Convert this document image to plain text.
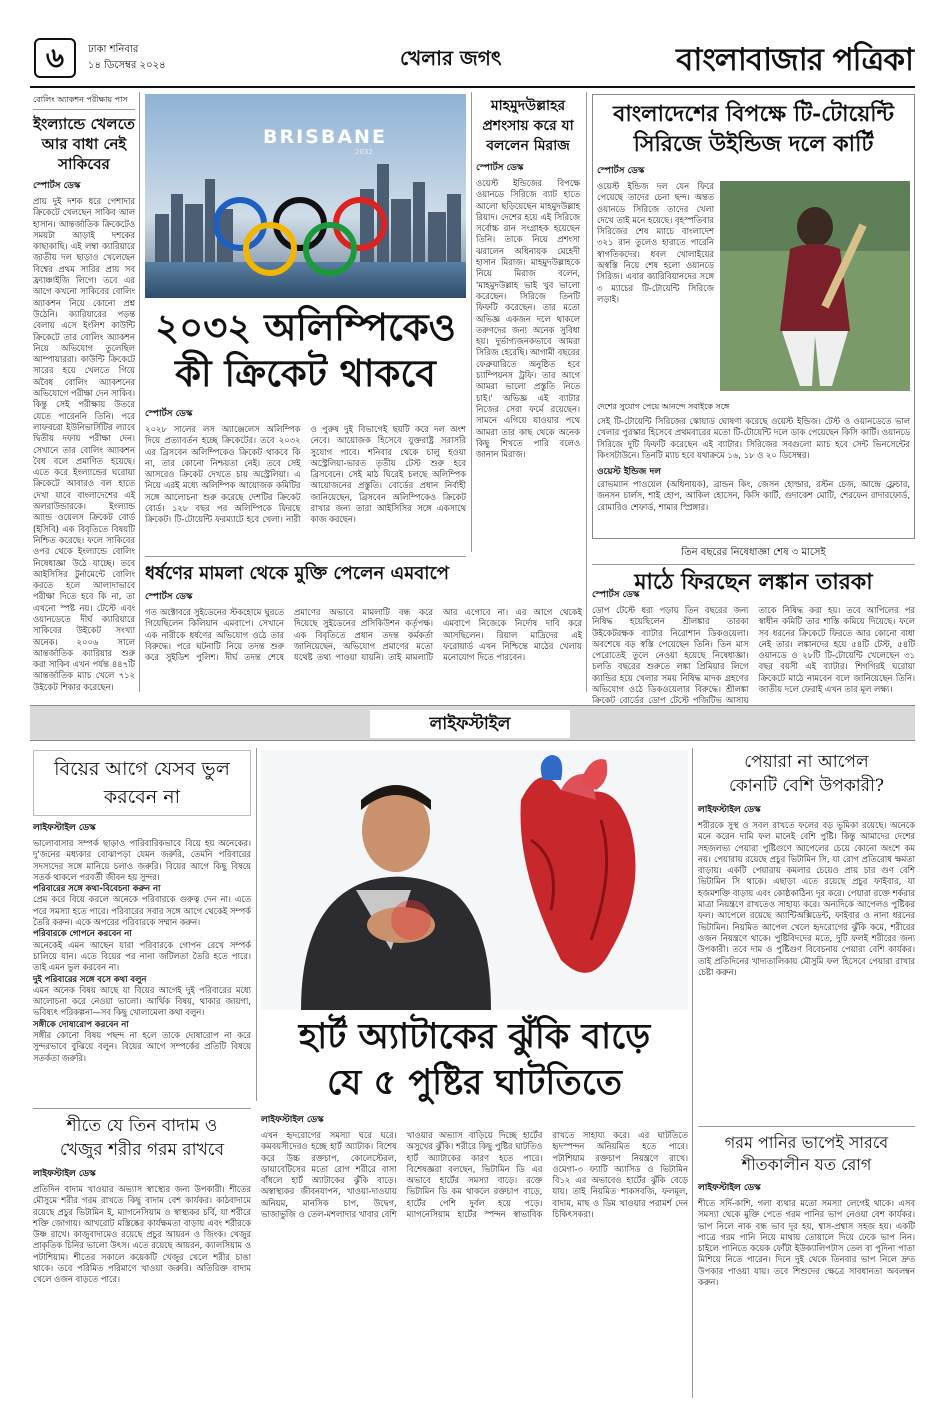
৬	ঢাকা শনিবার
১৪ ডিসেম্বর ২০২৪	খেলার জগৎ	বাংলাবাজার পত্রিকা
বোলিং অ্যাকশন পরীক্ষায় পাস
ইংল্যান্ডে খেলতে আর বাধা নেই সাকিবের
স্পোর্টস ডেস্ক
প্রায় দুই দশক ধরে পেশাদার ক্রিকেটে খেলছেন সাকিব আল হাসান। আন্তর্জাতিক ক্রিকেটেও সময়টা আড়াই দশকের কাছাকাছি। এই লম্বা ক্যারিয়ারে জাতীয় দল ছাড়াও খেলেছেন বিশ্বের প্রথম সারির প্রায় সব ফ্র্যাঞ্চাইজি লিগে। তবে এর আগে কখনো সাকিবের বোলিং অ্যাকশন নিয়ে কোনো প্রশ্ন উঠেনি। ক্যারিয়ারের পড়ন্ত বেলায় এসে ইংলিশ কাউন্টি ক্রিকেটে তার বোলিং অ্যাকশন নিয়ে অভিযোগ তুলেছিল আম্পায়াররা। কাউন্টি ক্রিকেটে সারের হয়ে খেলতে গিয়ে অবৈধ বোলিং অ্যাকশনের অভিযোগে পরীক্ষা দেন সাকিব। কিন্তু সেই পরীক্ষায় উতরে যেতে পারেননি তিনি। পরে লাফবরো ইউনিভার্সিটির ল্যাবে দ্বিতীয় দফায় পরীক্ষা দেন। সেখানে তার বোলিং অ্যাকশন বৈধ বলে প্রমাণিত হয়েছে। এতে করে ইংল্যান্ডের ঘরোয়া ক্রিকেটে আবারও বল হাতে দেখা যাবে বাংলাদেশের এই অলরাউন্ডারকে। ইংল্যান্ড অ্যান্ড ওয়েলস ক্রিকেট বোর্ড (ইসিবি) এক বিবৃতিতে বিষয়টি নিশ্চিত করেছে। ফলে সাকিবের ওপর থেকে ইংল্যান্ডে বোলিং নিষেধাজ্ঞা উঠে যাচ্ছে। তবে আইসিসির টুর্নামেন্টে বোলিং করতে হলে আলাদাভাবে পরীক্ষা দিতে হবে কি না, তা এখনো স্পষ্ট নয়। টেস্টে এবং ওয়ানডেতে দীর্ঘ ক্যারিয়ারে সাকিবের উইকেট সংখ্যা অনেক। ২০০৬ সালে আন্তর্জাতিক ক্যারিয়ার শুরু করা সাকিব এখন পর্যন্ত ৪৪৭টি আন্তর্জাতিক ম্যাচ খেলে ৭১২ উইকেট শিকার করেছেন।
BRISBANE
2032
২০৩২ অলিম্পিকেও
কী ক্রিকেট থাকবে
স্পোর্টস ডেস্ক
২০২৮ সালের লস অ্যাঞ্জেলেস অলিম্পিক দিয়ে প্রত্যাবর্তন হচ্ছে ক্রিকেটের। তবে ২০৩২ এর ব্রিসবেন অলিম্পিকেও ক্রিকেট থাকবে কি না, তার কোনো নিশ্চয়তা নেই। তবে সেই আসরেও ক্রিকেট দেখতে চায় অস্ট্রেলিয়া। এ নিয়ে এরই মধ্যে অলিম্পিক আয়োজক কমিটির সঙ্গে আলোচনা শুরু করেছে দেশটির ক্রিকেট বোর্ড। ১২৮ বছর পর অলিম্পিকে ফিরছে ক্রিকেট। টি-টোয়েন্টি ফরম্যাটে হবে খেলা। নারী ও পুরুষ দুই বিভাগেই ছয়টি করে দল অংশ নেবে। আয়োজক হিসেবে যুক্তরাষ্ট্র সরাসরি সুযোগ পাবে। শনিবার থেকে চালু হওয়া অস্ট্রেলিয়া-ভারত তৃতীয় টেস্ট শুরু হবে ব্রিসবেনে। সেই মাঠ ঘিরেই চলছে অলিম্পিক আয়োজনের প্রস্তুতি। বোর্ডের প্রধান নির্বাহী জানিয়েছেন, ব্রিসবেন অলিম্পিকেও ক্রিকেট রাখার জন্য তারা আইসিসির সঙ্গে একসাথে কাজ করছেন।
ধর্ষণের মামলা থেকে মুক্তি পেলেন এমবাপে
স্পোর্টস ডেস্ক
গত অক্টোবরে সুইডেনের স্টকহোমে ঘুরতে গিয়েছিলেন কিলিয়ান এমবাপে। সেখানে এক নারীকে ধর্ষণের অভিযোগ ওঠে তার বিরুদ্ধে। পরে ঘটনাটি নিয়ে তদন্ত শুরু করে সুইডিশ পুলিশ। দীর্ঘ তদন্ত শেষে প্রমাণের অভাবে মামলাটি বন্ধ করে দিয়েছে সুইডেনের প্রসিকিউশন কর্তৃপক্ষ। এক বিবৃতিতে প্রধান তদন্ত কর্মকর্তা জানিয়েছেন, অভিযোগ প্রমাণের মতো যথেষ্ট তথ্য পাওয়া যায়নি। তাই মামলাটি আর এগোবে না। এর আগে থেকেই এমবাপে নিজেকে নির্দোষ দাবি করে আসছিলেন। রিয়াল মাদ্রিদের এই ফরোয়ার্ড এখন নিশ্চিন্তে মাঠের খেলায় মনোযোগ দিতে পারবেন।
মাহমুদউল্লাহর প্রশংসায় করে যা বললেন মিরাজ
স্পোর্টস ডেস্ক
ওয়েস্ট ইন্ডিজের বিপক্ষে ওয়ানডে সিরিজে ব্যাট হাতে আলো ছড়িয়েছেন মাহমুদউল্লাহ রিয়াদ। দেশের হয়ে এই সিরিজে সর্বোচ্চ রান সংগ্রাহক হয়েছেন তিনি। তাকে নিয়ে প্রশংসা ঝরালেন অধিনায়ক মেহেদী হাসান মিরাজ। মাহমুদউল্লাহকে নিয়ে মিরাজ বলেন, 'মাহমুদউল্লাহ ভাই খুব ভালো করেছেন। সিরিজে তিনটি ফিফটি করেছেন। তার মতো অভিজ্ঞ একজন দলে থাকলে তরুণদের জন্য অনেক সুবিধা হয়। দুর্ভাগ্যজনকভাবে আমরা সিরিজ হেরেছি। আগামী বছরের ফেব্রুয়ারিতে অনুষ্ঠিত হবে চ্যাম্পিয়নস ট্রফি। তার আগে আমরা ভালো প্রস্তুতি নিতে চাই।' অভিজ্ঞ এই ব্যাটার নিজের সেরা ফর্মে রয়েছেন। সামনে এগিয়ে যাওয়ার পথে আমরা তার কাছ থেকে অনেক কিছু শিখতে পারি বলেও জানান মিরাজ।
বাংলাদেশের বিপক্ষে টি-টোয়েন্টি সিরিজে উইন্ডিজ দলে কার্টি
স্পোর্টস ডেস্ক
ওয়েস্ট ইন্ডিজ দল যেন ফিরে পেয়েছে তাদের চেনা ছন্দ। অন্তত ওয়ানডে সিরিজে তাদের খেলা দেখে তাই মনে হয়েছে। বৃহস্পতিবার সিরিজের শেষ ম্যাচে বাংলাদেশ ৩২১ রান তুলেও হারাতে পারেনি স্বাগতিকদের। ধবল খোলাইয়ের অস্বস্তি নিয়ে শেষ হলো ওয়ানডে সিরিজ। এবার ক্যারিবিয়ানদের সঙ্গে ৩ ম্যাচের টি-টোয়েন্টি সিরিজে লড়াই।
দেশের সুযোগ পেয়ে আনন্দে সবাইকে সঙ্গে
সেই টি-টোয়েন্টি সিরিজের স্কোয়াড ঘোষণা করেছে ওয়েস্ট ইন্ডিজ। টেস্ট ও ওয়ানডেতে ভাল খেলার পুরস্কার হিসেবে প্রথমবারের মতো টি-টোয়েন্টি দলে ডাক পেয়েছেন কিসি কার্টি। ওয়ানডে সিরিজে দুটি ফিফটি করেছেন এই ব্যাটার। সিরিজের সবগুলো ম্যাচ হবে সেন্ট ভিনসেন্টের কিংসটাউনে। তিনটি ম্যাচ হবে যথাক্রমে ১৬, ১৮ ও ২০ ডিসেম্বর।
ওয়েস্ট ইন্ডিজ দল
রোভম্যান পাওয়েল (অধিনায়ক), ব্রান্ডন কিং, জেসন হোল্ডার, রস্টন চেজ, আন্দ্রে ফ্লেচার, জনসন চার্লস, শাই হোপ, আকিল হোসেন, কিসি কার্টি, গুদাকেশ মোটি, শেরফেন রাদারফোর্ড, রোমারিও শেফার্ড, শামার স্প্রিঙ্গার।
তিন বছরের নিষেধাজ্ঞা শেষ ৩ মাসেই
মাঠে ফিরছেন লঙ্কান তারকা
স্পোর্টস ডেস্ক
ডোপ টেস্টে ধরা পড়ায় তিন বছরের জন্য নিষিদ্ধ হয়েছিলেন শ্রীলঙ্কার তারকা উইকেটরক্ষক ব্যাটার নিরোশান ডিকওয়েলা। অবশেষে বড় স্বস্তি পেয়েছেন তিনি। তিন মাস পেরোতেই তুলে নেওয়া হয়েছে নিষেধাজ্ঞা। চলতি বছরের শুরুতে লঙ্কা প্রিমিয়ার লিগে ক্যান্ডির হয়ে খেলার সময় নিষিদ্ধ মাদক গ্রহণের অভিযোগ ওঠে ডিকওয়েলার বিরুদ্ধে। শ্রীলঙ্কা ক্রিকেট বোর্ডের ডোপ টেস্টে পজিটিভ আসায় তাকে নিষিদ্ধ করা হয়। তবে আপিলের পর স্বাধীন কমিটি তার শাস্তি কমিয়ে দিয়েছে। ফলে সব ধরনের ক্রিকেটে ফিরতে আর কোনো বাধা নেই তার। লঙ্কানদের হয়ে ৫৪টি টেস্ট, ৫৪টি ওয়ানডে ও ২৮টি টি-টোয়েন্টি খেলেছেন ৩১ বছর বয়সী এই ব্যাটার। শিগগিরই ঘরোয়া ক্রিকেটে মাঠে নামবেন বলে জানিয়েছেন তিনি। জাতীয় দলে ফেরাই এখন তার মূল লক্ষ্য।
লাইফস্টাইল
বিয়ের আগে যেসব ভুল করবেন না
লাইফস্টাইল ডেস্ক
ভালোবাসার সম্পর্ক ছাড়াও পারিবারিকভাবে বিয়ে হয় অনেকের। দু'জনের মধ্যকার বোঝাপড়া যেমন জরুরি, তেমনি পরিবারের সদস্যদের সঙ্গে মানিয়ে চলাও জরুরি। বিয়ের আগে কিছু বিষয়ে সতর্ক থাকলে পরবর্তী জীবন হয় সুন্দর।
পরিবারের সঙ্গে কথা-বিবেচনা করুন না
প্রেম করে বিয়ে করলে অনেকে পরিবারকে গুরুত্ব দেন না। এতে পরে সমস্যা হতে পারে। পরিবারের সবার সঙ্গে আগে থেকেই সম্পর্ক তৈরি করুন। একে অপরের পরিবারকে সম্মান করুন।
পরিবারকে গোপনে করবেন না
অনেকেই এমন আছেন যারা পরিবারকে গোপন রেখে সম্পর্ক চালিয়ে যান। এতে বিয়ের পর নানা জটিলতা তৈরি হতে পারে। তাই এমন ভুল করবেন না।
দুই পরিবারের সঙ্গে বসে কথা বলুন
এমন অনেক বিষয় আছে যা বিয়ের আগেই দুই পরিবারের মধ্যে আলোচনা করে নেওয়া ভালো। আর্থিক বিষয়, থাকার জায়গা, ভবিষ্যৎ পরিকল্পনা—সব কিছু খোলামেলা কথা বলুন।
সঙ্গীকে দোষারোপ করবেন না
সঙ্গীর কোনো বিষয় পছন্দ না হলে তাকে দোষারোপ না করে সুন্দরভাবে বুঝিয়ে বলুন। বিয়ের আগে সম্পর্কের প্রতিটি বিষয়ে সতর্কতা জরুরি।
হার্ট অ্যাটাকের ঝুঁকি বাড়ে
যে ৫ পুষ্টির ঘাটতিতে
লাইফস্টাইল ডেস্ক
এখন হৃদরোগের সমস্যা ঘরে ঘরে। কমবয়সীদেরও হচ্ছে হার্ট অ্যাটাক। বিশেষ করে উচ্চ রক্তচাপ, কোলেস্টেরল, ডায়াবেটিসের মতো রোগ শরীরে বাসা বাঁধলে হার্ট অ্যাটাকের ঝুঁকি বাড়ে। অস্বাস্থ্যকর জীবনযাপন, খাওয়া-দাওয়ায় অনিয়ম, মানসিক চাপ, উদ্বেগ, ভাজাভুজি ও তেল-মশলাদার খাবার বেশি খাওয়ার অভ্যাস বাড়িয়ে দিচ্ছে হার্টের অসুখের ঝুঁকি। শরীরে কিছু পুষ্টির ঘাটতিও হার্ট অ্যাটাকের কারণ হতে পারে। বিশেষজ্ঞরা বলছেন, ভিটামিন ডি এর অভাবে হার্টের সমস্যা বাড়ে। রক্তে ভিটামিন ডি কম থাকলে রক্তচাপ বাড়ে, হার্টের পেশি দুর্বল হয়ে পড়ে। ম্যাগনেসিয়াম হার্টের স্পন্দন স্বাভাবিক রাখতে সাহায্য করে। এর ঘাটতিতে হৃদস্পন্দন অনিয়মিত হতে পারে। পটাশিয়াম রক্তচাপ নিয়ন্ত্রণে রাখে। ওমেগা-৩ ফ্যাটি অ্যাসিড ও ভিটামিন বি১২ এর অভাবেও হার্টের ঝুঁকি বেড়ে যায়। তাই নিয়মিত শাকসবজি, ফলমূল, বাদাম, মাছ ও ডিম খাওয়ার পরামর্শ দেন চিকিৎসকরা।
পেয়ারা না আপেল
কোনটি বেশি উপকারী?
লাইফস্টাইল ডেস্ক
শরীরকে সুস্থ ও সবল রাখতে ফলের বড় ভূমিকা রয়েছে। অনেকে মনে করেন দামি ফল মানেই বেশি পুষ্টি। কিন্তু আমাদের দেশের সহজলভ্য পেয়ারা পুষ্টিগুণে আপেলের চেয়ে কোনো অংশে কম নয়। পেয়ারায় রয়েছে প্রচুর ভিটামিন সি, যা রোগ প্রতিরোধ ক্ষমতা বাড়ায়। একটি পেয়ারায় কমলার চেয়েও প্রায় চার গুণ বেশি ভিটামিন সি থাকে। এছাড়া এতে রয়েছে প্রচুর ফাইবার, যা হজমশক্তি বাড়ায় এবং কোষ্ঠকাঠিন্য দূর করে। পেয়ারা রক্তে শর্করার মাত্রা নিয়ন্ত্রণে রাখতেও সাহায্য করে। অন্যদিকে আপেলও পুষ্টিকর ফল। আপেলে রয়েছে অ্যান্টিঅক্সিডেন্ট, ফাইবার ও নানা ধরনের ভিটামিন। নিয়মিত আপেল খেলে হৃদরোগের ঝুঁকি কমে, শরীরের ওজন নিয়ন্ত্রণে থাকে। পুষ্টিবিদদের মতে, দুটি ফলই শরীরের জন্য উপকারী। তবে দাম ও পুষ্টিগুণ বিবেচনায় পেয়ারা বেশি কার্যকর। তাই প্রতিদিনের খাদ্যতালিকায় মৌসুমি ফল হিসেবে পেয়ারা রাখার চেষ্টা করুন।
শীতে যে তিন বাদাম ও
খেজুর শরীর গরম রাখবে
লাইফস্টাইল ডেস্ক
প্রতিদিন বাদাম খাওয়ার অভ্যাস স্বাস্থ্যের জন্য উপকারী। শীতের মৌসুমে শরীর গরম রাখতে কিছু বাদাম বেশ কার্যকর। কাঠবাদামে রয়েছে প্রচুর ভিটামিন ই, ম্যাগনেসিয়াম ও স্বাস্থ্যকর চর্বি, যা শরীরে শক্তি জোগায়। আখরোট মস্তিষ্কের কার্যক্ষমতা বাড়ায় এবং শরীরকে উষ্ণ রাখে। কাজুবাদামেও রয়েছে প্রচুর আয়রন ও জিংক। খেজুর প্রাকৃতিক চিনির ভালো উৎস। এতে রয়েছে আয়রন, ক্যালসিয়াম ও পটাশিয়াম। শীতের সকালে কয়েকটি খেজুর খেলে শরীর চাঙা থাকে। তবে পরিমিত পরিমাণে খাওয়া জরুরি। অতিরিক্ত বাদাম খেলে ওজন বাড়তে পারে।
গরম পানির ভাপেই সারবে
শীতকালীন যত রোগ
লাইফস্টাইল ডেস্ক
শীতে সর্দি-কাশি, গলা ব্যথার মতো সমস্যা লেগেই থাকে। এসব সমস্যা থেকে মুক্তি পেতে গরম পানির ভাপ নেওয়া বেশ কার্যকর। ভাপ নিলে নাক বন্ধ ভাব দূর হয়, শ্বাস-প্রশ্বাস সহজ হয়। একটি পাত্রে গরম পানি নিয়ে মাথায় তোয়ালে দিয়ে ঢেকে ভাপ নিন। চাইলে পানিতে কয়েক ফোঁটা ইউক্যালিপটাস তেল বা পুদিনা পাতা মিশিয়ে নিতে পারেন। দিনে দুই থেকে তিনবার ভাপ নিলে দ্রুত উপকার পাওয়া যায়। তবে শিশুদের ক্ষেত্রে সাবধানতা অবলম্বন করুন।
